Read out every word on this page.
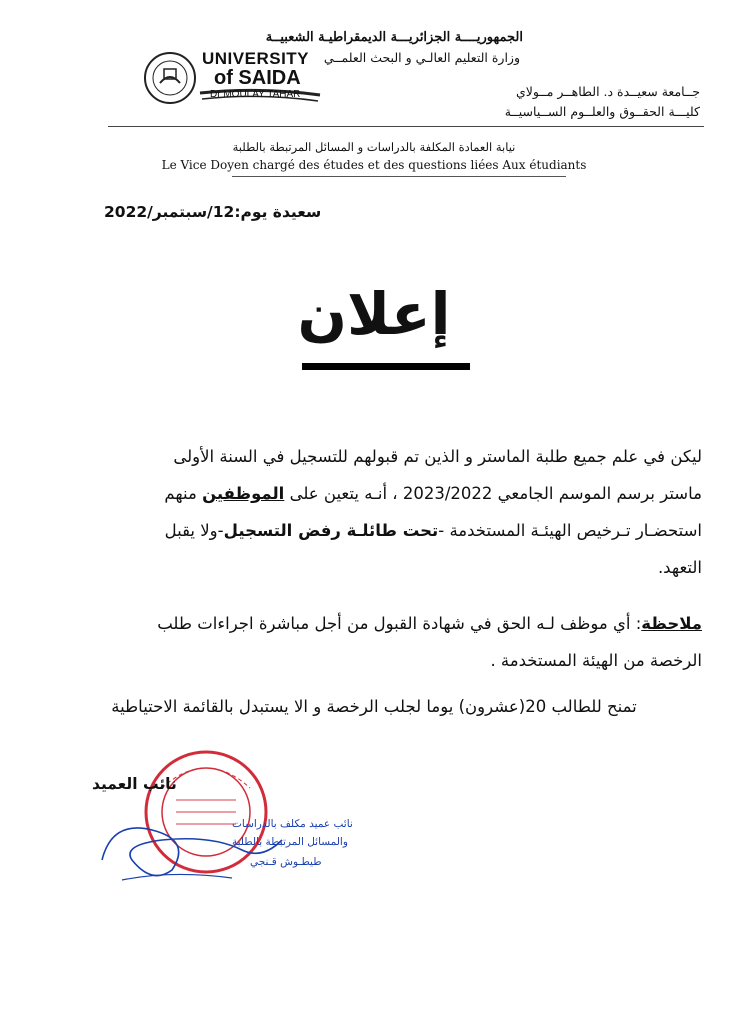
الجمهوريــــة الجزائريـــة الديمقراطيـة الشعبيــة
وزارة التعليم العالـي و البحث العلمــي
UNIVERSITY
of SAIDA
Dr MOULAY TAHAR	جــامعة سعيــدة د. الطاهــر مــولاي
كليـــة الحقــوق والعلــوم الســياسيــة
نيابة العمادة المكلفة بالدراسات و المسائل المرتبطة بالطلبة
Le Vice Doyen chargé des études et des questions liées Aux étudiants
سعيدة يوم:12/سبتمبر/2022
إعلان
ليكن في علم جميع طلبة الماستر و الذين تم قبولهم للتسجيل في السنة الأولى
ماستر برسم الموسم الجامعي 2023/2022 ، أنـه يتعين على الموظفين منهم
استحضـار تـرخيص الهيئـة المستخدمة -تحت طائلـة رفض التسجيل-ولا يقبل
التعهد.
ملاحظة: أي موظف لـه الحق في شهادة القبول من أجل مباشرة اجراءات طلب
الرخصة من الهيئة المستخدمة .
تمنح للطالب 20(عشرون) يوما لجلب الرخصة و الا يستبدل بالقائمة الاحتياطية
نائب العميد
نائب عميد مكلف بالدراسات
والمسائل المرتبطة بالطلبة
طيطـوش قـنجي
